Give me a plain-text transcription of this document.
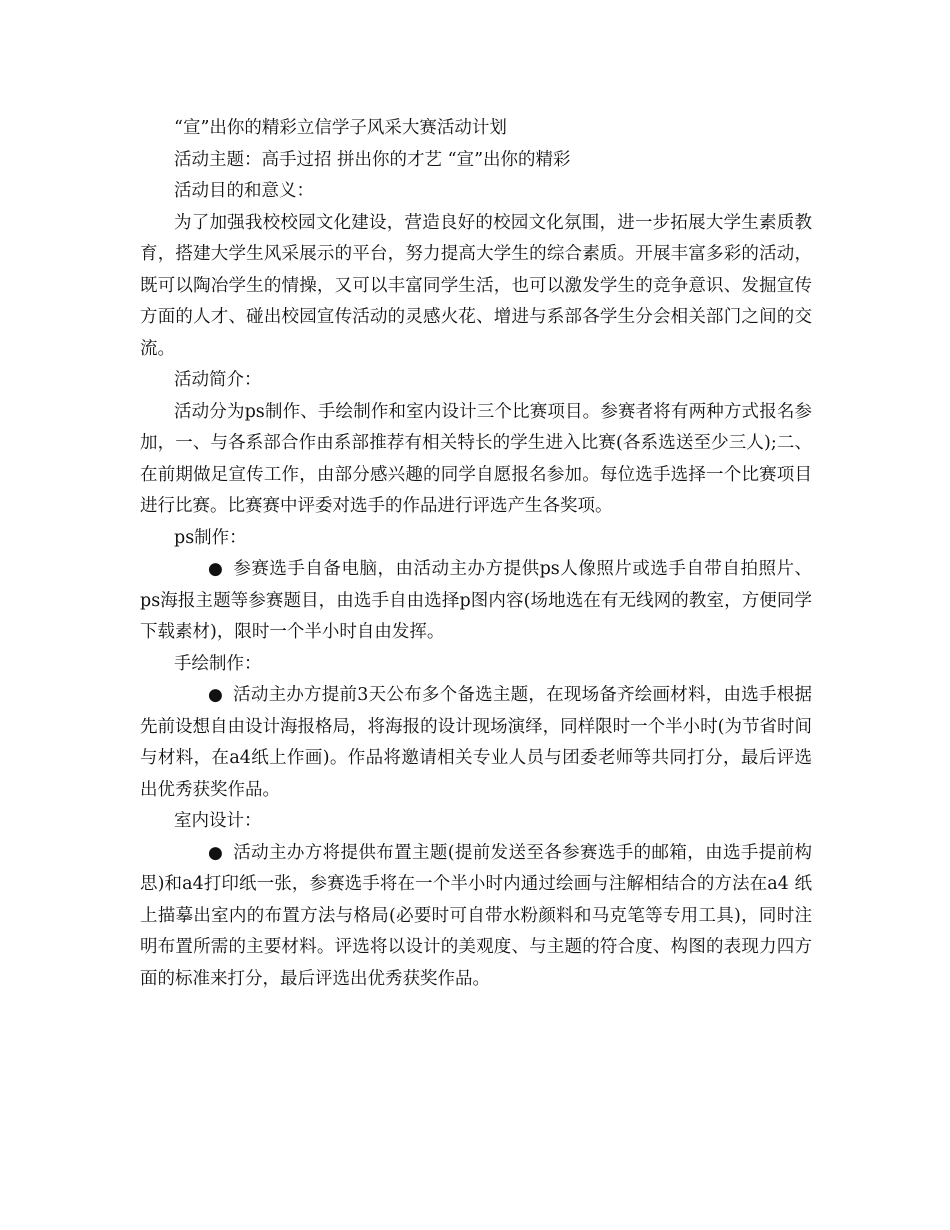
“宣”出你的精彩立信学子风采大赛活动计划

活动主题：高手过招 拼出你的才艺 “宣”出你的精彩

活动目的和意义：

为了加强我校校园文化建设，营造良好的校园文化氛围，进一步拓展大学生素质教育，搭建大学生风采展示的平台，努力提高大学生的综合素质。开展丰富多彩的活动，既可以陶冶学生的情操，又可以丰富同学生活，也可以激发学生的竞争意识、发掘宣传方面的人才、碰出校园宣传活动的灵感火花、增进与系部各学生分会相关部门之间的交流。

活动简介：

活动分为ps制作、手绘制作和室内设计三个比赛项目。参赛者将有两种方式报名参加，一、与各系部合作由系部推荐有相关特长的学生进入比赛(各系选送至少三人);二、在前期做足宣传工作，由部分感兴趣的同学自愿报名参加。每位选手选择一个比赛项目进行比赛。比赛赛中评委对选手的作品进行评选产生各奖项。

ps制作：

● 参赛选手自备电脑，由活动主办方提供ps人像照片或选手自带自拍照片、ps海报主题等参赛题目，由选手自由选择p图内容(场地选在有无线网的教室，方便同学下载素材)，限时一个半小时自由发挥。

手绘制作：

● 活动主办方提前3天公布多个备选主题，在现场备齐绘画材料，由选手根据先前设想自由设计海报格局，将海报的设计现场演绎，同样限时一个半小时(为节省时间与材料，在a4纸上作画)。作品将邀请相关专业人员与团委老师等共同打分，最后评选出优秀获奖作品。

室内设计：

● 活动主办方将提供布置主题(提前发送至各参赛选手的邮箱，由选手提前构思)和a4打印纸一张，参赛选手将在一个半小时内通过绘画与注解相结合的方法在a4 纸上描摹出室内的布置方法与格局(必要时可自带水粉颜料和马克笔等专用工具)，同时注明布置所需的主要材料。评选将以设计的美观度、与主题的符合度、构图的表现力四方面的标准来打分，最后评选出优秀获奖作品。
